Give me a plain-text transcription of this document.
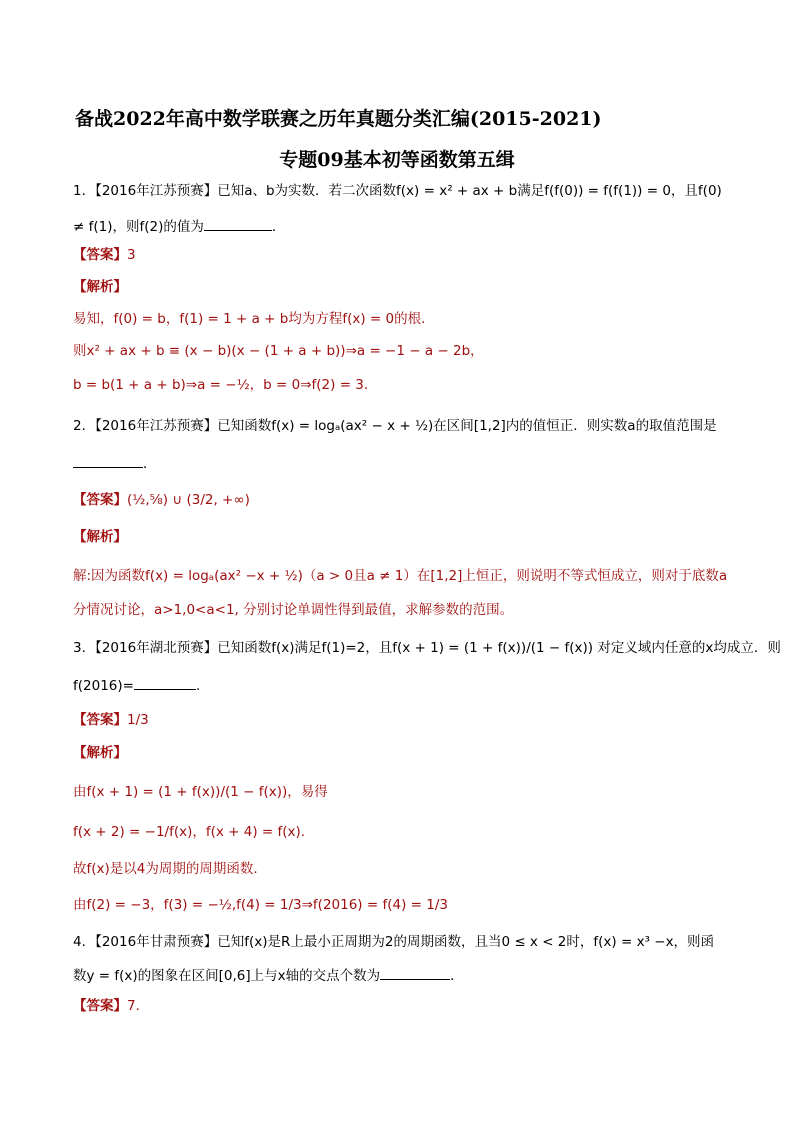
备战2022年高中数学联赛之历年真题分类汇编(2015-2021)
专题09基本初等函数第五缉
1．【2016年江苏预赛】已知a、b为实数．若二次函数f(x) = x² + ax + b满足f(f(0)) = f(f(1)) = 0，且f(0)
≠ f(1)，则f(2)的值为	．
【答案】3
【解析】
易知，f(0) = b，f(1) = 1 + a + b均为方程f(x) = 0的根．
则x² + ax + b ≡ (x − b)(x − (1 + a + b))⇒a = −1 − a − 2b，
b = b(1 + a + b)⇒a = −½，b = 0⇒f(2) = 3．
2．【2016年江苏预赛】已知函数f(x) = logₐ(ax² − x + ½)在区间[1,2]内的值恒正．则实数a的取值范围是
．
【答案】(½,⅝) ∪ (3/2, +∞)
【解析】
解:因为函数f(x) = logₐ(ax² −x + ½)（a > 0且a ≠ 1）在[1,2]上恒正，则说明不等式恒成立，则对于底数a
分情况讨论，a>1,0<a<1, 分别讨论单调性得到最值，求解参数的范围。
3．【2016年湖北预赛】已知函数f(x)满足f(1)=2，且f(x + 1) = (1 + f(x))/(1 − f(x)) 对定义域内任意的x均成立．则
f(2016)=	.
【答案】1/3
【解析】
由f(x + 1) = (1 + f(x))/(1 − f(x))，易得
f(x + 2) = −1/f(x)，f(x + 4) = f(x).
故f(x)是以4为周期的周期函数.
由f(2) = −3，f(3) = −½,f(4) = 1/3⇒f(2016) = f(4) = 1/3
4．【2016年甘肃预赛】已知f(x)是R上最小正周期为2的周期函数，且当0 ≤ x < 2时，f(x) = x³ −x，则函
数y = f(x)的图象在区间[0,6]上与x轴的交点个数为	．
【答案】7.
